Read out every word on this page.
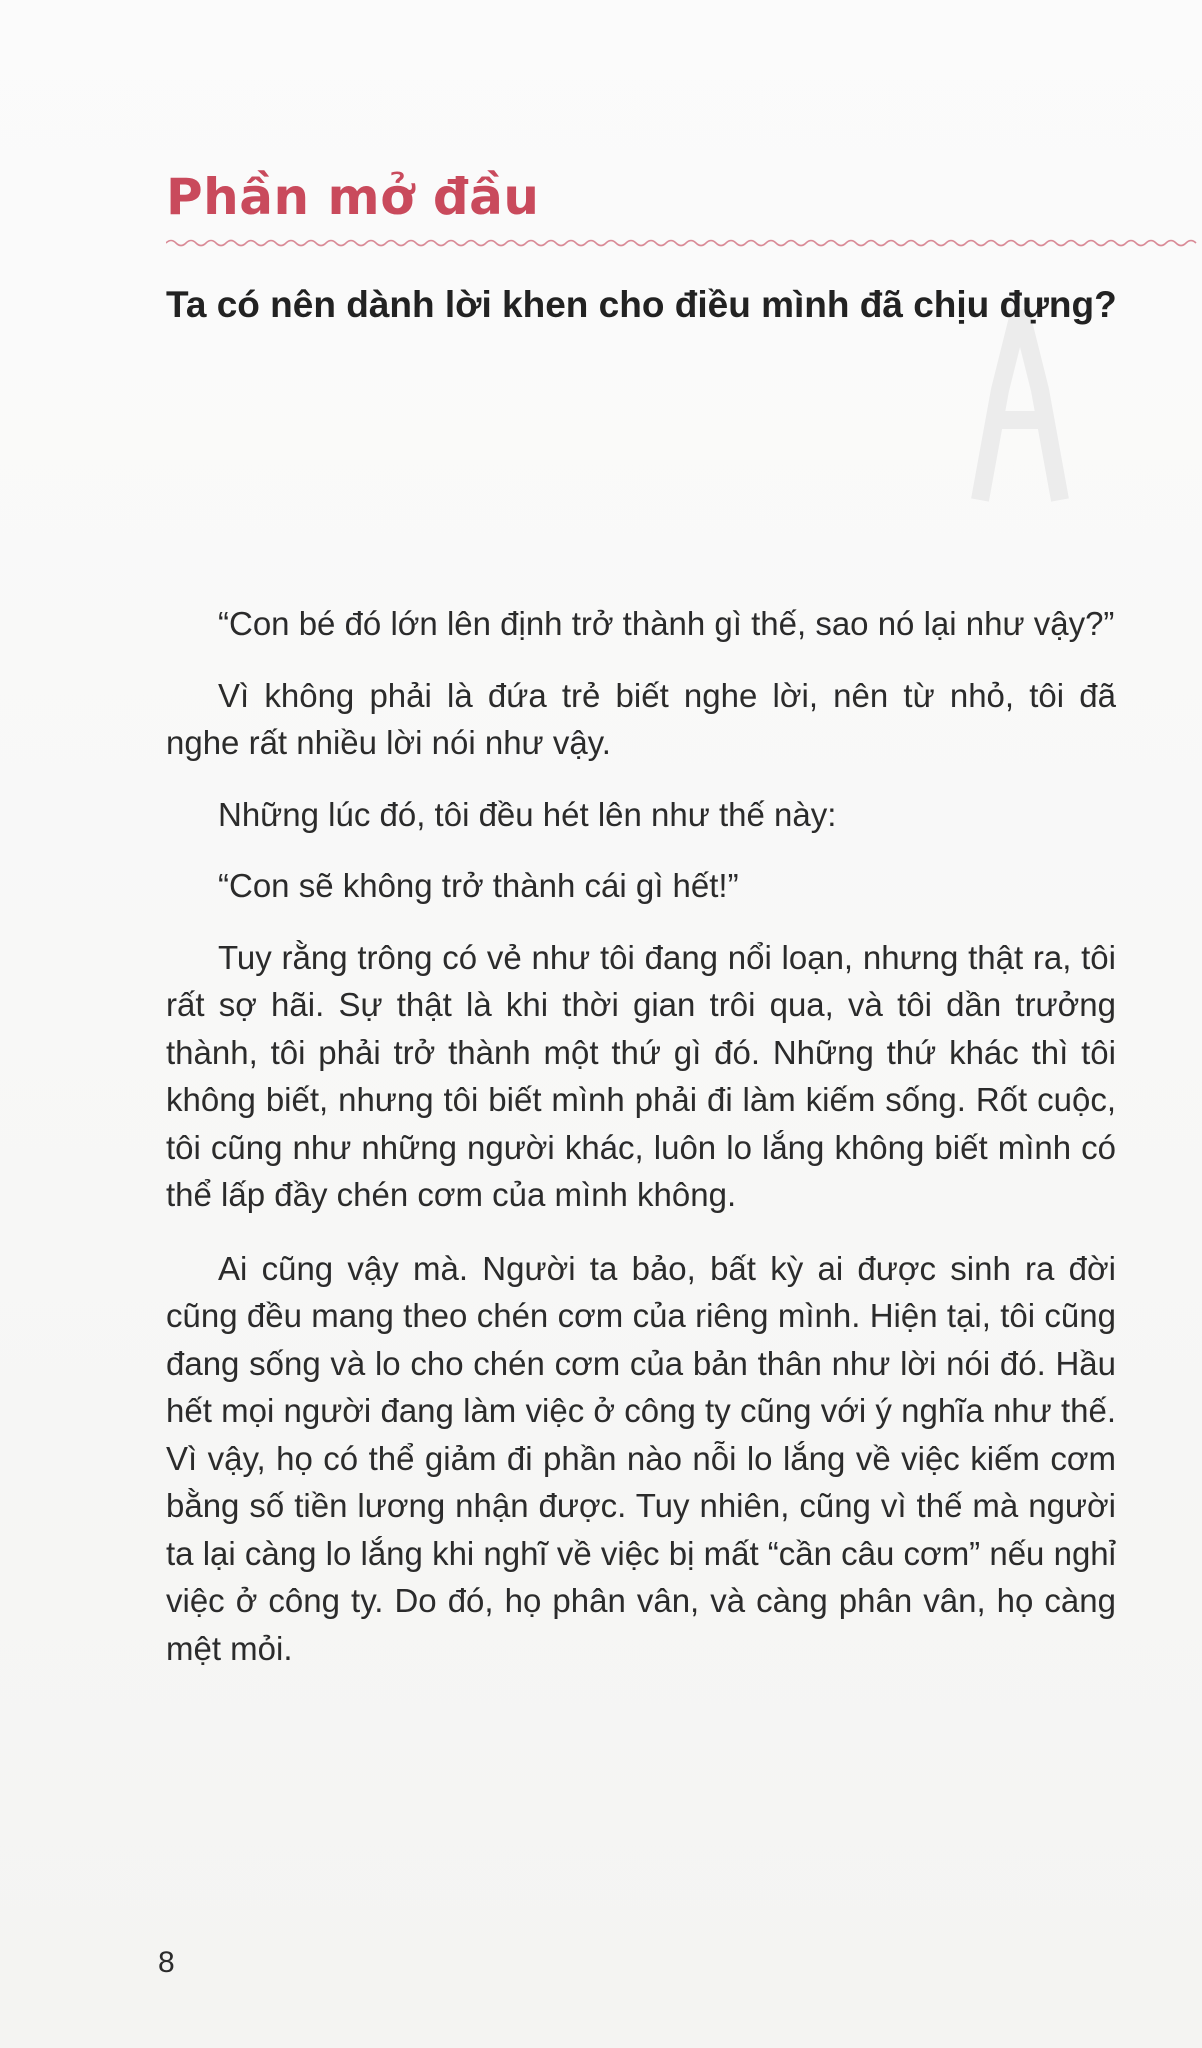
Phần mở đầu
Ta có nên dành lời khen cho điều mình đã chịu đựng?

“Con bé đó lớn lên định trở thành gì thế, sao nó lại như vậy?”

Vì không phải là đứa trẻ biết nghe lời, nên từ nhỏ, tôi đã nghe rất nhiều lời nói như vậy.

Những lúc đó, tôi đều hét lên như thế này:

“Con sẽ không trở thành cái gì hết!”

Tuy rằng trông có vẻ như tôi đang nổi loạn, nhưng thật ra, tôi rất sợ hãi. Sự thật là khi thời gian trôi qua, và tôi dần trưởng thành, tôi phải trở thành một thứ gì đó. Những thứ khác thì tôi không biết, nhưng tôi biết mình phải đi làm kiếm sống. Rốt cuộc, tôi cũng như những người khác, luôn lo lắng không biết mình có thể lấp đầy chén cơm của mình không.

Ai cũng vậy mà. Người ta bảo, bất kỳ ai được sinh ra đời cũng đều mang theo chén cơm của riêng mình. Hiện tại, tôi cũng đang sống và lo cho chén cơm của bản thân như lời nói đó. Hầu hết mọi người đang làm việc ở công ty cũng với ý nghĩa như thế. Vì vậy, họ có thể giảm đi phần nào nỗi lo lắng về việc kiếm cơm bằng số tiền lương nhận được. Tuy nhiên, cũng vì thế mà người ta lại càng lo lắng khi nghĩ về việc bị mất “cần câu cơm” nếu nghỉ việc ở công ty. Do đó, họ phân vân, và càng phân vân, họ càng mệt mỏi.

8
